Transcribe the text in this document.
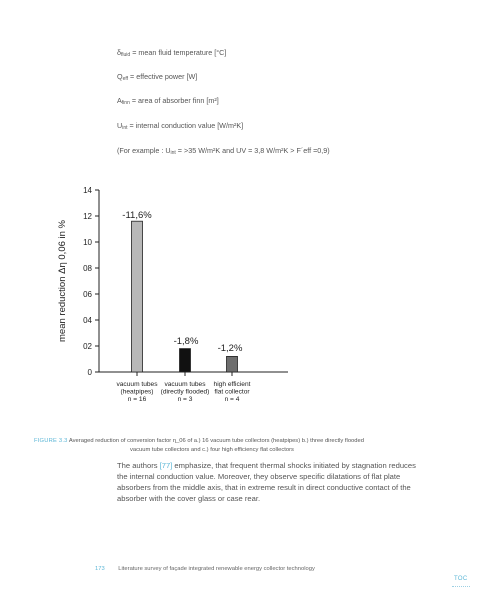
$\delta_{fluid}$ = mean fluid temperature [°C]
$Q_{eff}$ = effective power [W]
$A_{finn}$ = area of absorber finn [m²]
$U_{int}$ = internal conduction value [W/m²K]
(For example : $U_{int} = >35$ W/m²K and UV = 3,8 W/m²K > F´eff =0,9)
0
02
04
06
08
10
12
14
mean reduction Δη 0,06 in %
-11,6%
-1,8%
-1,2%
vacuum tubes
(heatpipes)
n = 16
vacuum tubes
(directly flooded)
n = 3
high efficient
flat collector
n = 4
FIGURE 3.3 Averaged reduction of conversion factor η_06 of a.) 16 vacuum tube collectors (heatpipes) b.) three directly flooded
vacuum tube collectors and c.) four high efficiency flat collectors
The authors [77] emphasize, that frequent thermal shocks initiated by stagnation reduces the internal conduction value. Moreover, they observe specific dilatations of flat plate absorbers from the middle axis, that in extreme result in direct conductive contact of the absorber with the cover glass or case rear.
173 Literature survey of façade integrated renewable energy collector technology
TOC
